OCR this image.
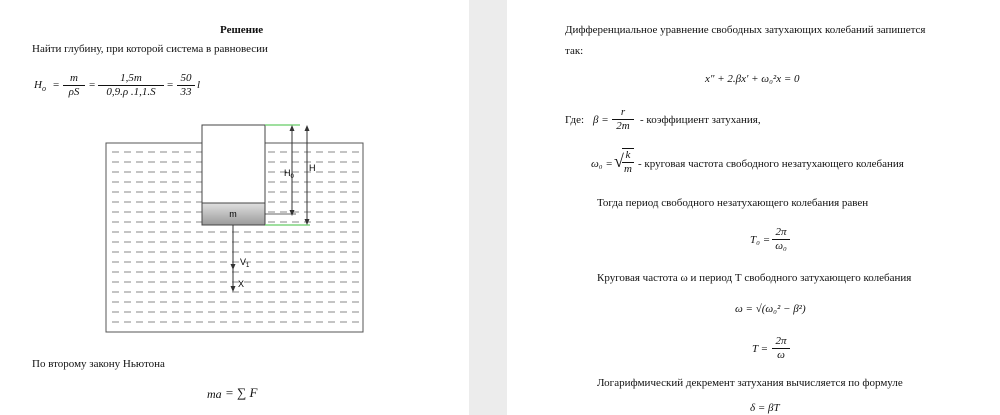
Решение
Найти глубину, при которой система в равновесии
$H_o = \frac{m}{\rho S} = \frac{1,5m}{0,9.\rho .1,1.S} = \frac{50}{33}$ l
m
$H_0$
H
$V_1$
X
По второму закону Ньютона
ma = ∑ F
Дифференциальное уравнение свободных затухающих колебаний запишется
так:
x" + 2.βx' + ω₀²x = 0
Где: $\beta = \frac{r}{2m}$ - коэффициент затухания,
ω₀ = √
$\frac{k}{m}$ - круговая частота свободного незатухающего колебания
Тогда период свободного незатухающего колебания равен
$T_0 = \frac{2\pi}{\text{ω₀}}$
Круговая частота ω и период Т свободного затухающего колебания
ω = √(ω₀² − β²)
$T = \frac{2\pi}{\omega}$
Логарифмический декремент затухания вычисляется по формуле
δ = βT
